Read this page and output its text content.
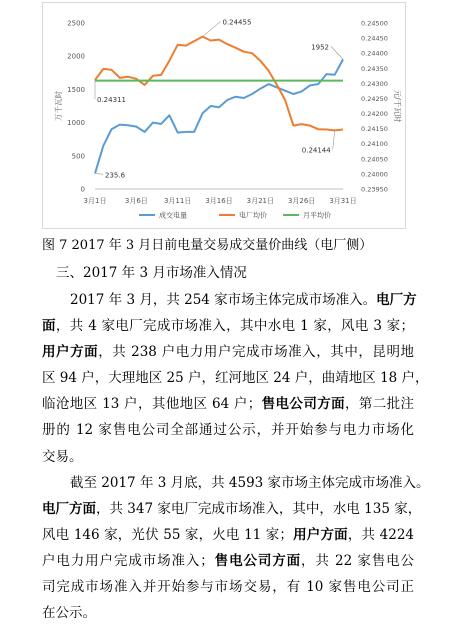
0
500
1000
1500
2000
2500
0.23950
0.24000
0.24050
0.24100
0.24150
0.24200
0.24250
0.24300
0.24350
0.24400
0.24450
0.24500
3月1日	3月6日 3月11日 3月16日 3月21日 3月26日 3月31日
万千瓦时	元/千瓦时
235.6
1952
0.24311
0.24455
0.24144
成交电量	电厂均价	月平均价
图 7 2017 年 3 月日前电量交易成交量价曲线（电厂侧）
三、2017 年 3 月市场准入情况
2017 年 3 月，共 254 家市场主体完成市场准入。电厂方
面，共 4 家电厂完成市场准入，其中水电 1 家，风电 3 家；
用户方面，共 238 户电力用户完成市场准入，其中，昆明地
区 94 户，大理地区 25 户，红河地区 24 户，曲靖地区 18 户，
临沧地区 13 户，其他地区 64 户；售电公司方面，第二批注
册的 12 家售电公司全部通过公示，并开始参与电力市场化
交易。
截至 2017 年 3 月底，共 4593 家市场主体完成市场准入。
电厂方面，共 347 家电厂完成市场准入，其中，水电 135 家，
风电 146 家，光伏 55 家，火电 11 家；用户方面，共 4224
户电力用户完成市场准入；售电公司方面，共 22 家售电公
司完成市场准入并开始参与市场交易，有 10 家售电公司正
在公示。
